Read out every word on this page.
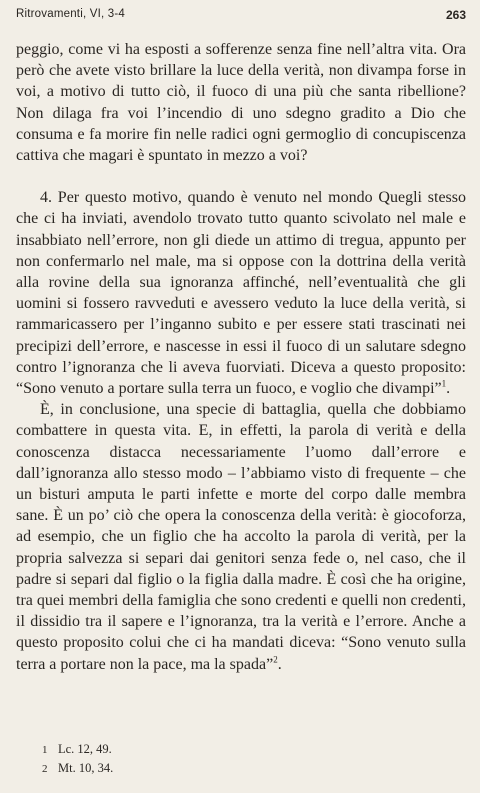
Ritrovamenti, VI, 3-4	263

peggio, come vi ha esposti a sofferenze senza fine nell’altra vita. Ora però che avete visto brillare la luce della verità, non divampa forse in voi, a motivo di tutto ciò, il fuoco di una più che santa ribellione? Non dilaga fra voi l’incendio di uno sdegno gradito a Dio che consuma e fa morire fin nelle radici ogni germoglio di concupiscenza cattiva che magari è spuntato in mezzo a voi?

4. Per questo motivo, quando è venuto nel mondo Quegli stesso che ci ha inviati, avendolo trovato tutto quanto scivolato nel male e insabbiato nell’errore, non gli diede un attimo di tregua, appunto per non confermarlo nel male, ma si oppose con la dottrina della verità alla rovine della sua ignoranza affinché, nell’eventualità che gli uomini si fossero ravveduti e avessero veduto la luce della verità, si rammaricassero per l’inganno subito e per essere stati trascinati nei precipizi dell’errore, e nascesse in essi il fuoco di un salutare sdegno contro l’ignoranza che li aveva fuorviati. Diceva a questo proposito: “Sono venuto a portare sulla terra un fuoco, e voglio che divampi”$^1$.

È, in conclusione, una specie di battaglia, quella che dobbiamo combattere in questa vita. E, in effetti, la parola di verità e della conoscenza distacca necessariamente l’uomo dall’errore e dall’ignoranza allo stesso modo – l’abbiamo visto di frequente – che un bisturi amputa le parti infette e morte del corpo dalle membra sane. È un po’ ciò che opera la conoscenza della verità: è giocoforza, ad esempio, che un figlio che ha accolto la parola di verità, per la propria salvezza si separi dai genitori senza fede o, nel caso, che il padre si separi dal figlio o la figlia dalla madre. È così che ha origine, tra quei membri della famiglia che sono credenti e quelli non credenti, il dissidio tra il sapere e l’ignoranza, tra la verità e l’errore. Anche a questo proposito colui che ci ha mandati diceva: “Sono venuto sulla terra a portare non la pace, ma la spada”$^2$.

1 Lc. 12, 49.
2 Mt. 10, 34.
